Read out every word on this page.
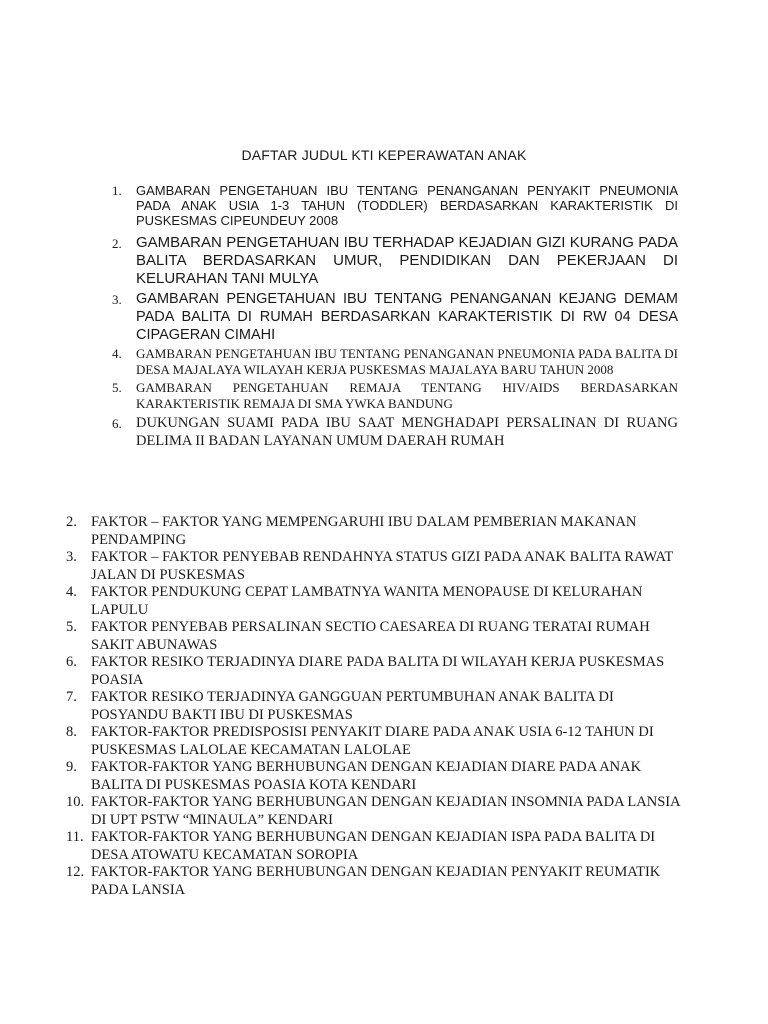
DAFTAR JUDUL KTI KEPERAWATAN ANAK
1. GAMBARAN PENGETAHUAN IBU TENTANG PENANGANAN PENYAKIT PNEUMONIA PADA ANAK USIA 1-3 TAHUN (TODDLER) BERDASARKAN KARAKTERISTIK DI PUSKESMAS CIPEUNDEUY 2008
2. GAMBARAN PENGETAHUAN IBU TERHADAP KEJADIAN GIZI KURANG PADA BALITA BERDASARKAN UMUR, PENDIDIKAN DAN PEKERJAAN DI KELURAHAN TANI MULYA
3. GAMBARAN PENGETAHUAN IBU TENTANG PENANGANAN KEJANG DEMAM PADA BALITA DI RUMAH BERDASARKAN KARAKTERISTIK DI RW 04 DESA CIPAGERAN CIMAHI
4. GAMBARAN PENGETAHUAN IBU TENTANG PENANGANAN PNEUMONIA PADA BALITA DI DESA MAJALAYA WILAYAH KERJA PUSKESMAS MAJALAYA BARU TAHUN 2008
5. GAMBARAN PENGETAHUAN REMAJA TENTANG HIV/AIDS BERDASARKAN KARAKTERISTIK REMAJA DI SMA YWKA BANDUNG
6. DUKUNGAN SUAMI PADA IBU SAAT MENGHADAPI PERSALINAN DI RUANG DELIMA II BADAN LAYANAN UMUM DAERAH RUMAH
2. FAKTOR – FAKTOR YANG MEMPENGARUHI IBU DALAM PEMBERIAN MAKANAN PENDAMPING
3. FAKTOR – FAKTOR PENYEBAB RENDAHNYA STATUS GIZI PADA ANAK BALITA RAWAT JALAN DI PUSKESMAS
4. FAKTOR PENDUKUNG CEPAT LAMBATNYA WANITA MENOPAUSE DI KELURAHAN LAPULU
5. FAKTOR PENYEBAB PERSALINAN SECTIO CAESAREA DI RUANG TERATAI RUMAH SAKIT ABUNAWAS
6. FAKTOR RESIKO TERJADINYA DIARE PADA BALITA DI WILAYAH KERJA PUSKESMAS POASIA
7. FAKTOR RESIKO TERJADINYA GANGGUAN PERTUMBUHAN ANAK BALITA DI POSYANDU BAKTI IBU DI PUSKESMAS
8. FAKTOR-FAKTOR PREDISPOSISI PENYAKIT DIARE PADA ANAK USIA 6-12 TAHUN DI PUSKESMAS LALOLAE KECAMATAN LALOLAE
9. FAKTOR-FAKTOR YANG BERHUBUNGAN DENGAN KEJADIAN DIARE PADA ANAK BALITA DI PUSKESMAS POASIA KOTA KENDARI
10. FAKTOR-FAKTOR YANG BERHUBUNGAN DENGAN KEJADIAN INSOMNIA PADA LANSIA DI UPT PSTW “MINAULA” KENDARI
11. FAKTOR-FAKTOR YANG BERHUBUNGAN DENGAN KEJADIAN ISPA PADA BALITA DI DESA ATOWATU KECAMATAN SOROPIA
12. FAKTOR-FAKTOR YANG BERHUBUNGAN DENGAN KEJADIAN PENYAKIT REUMATIK PADA LANSIA
